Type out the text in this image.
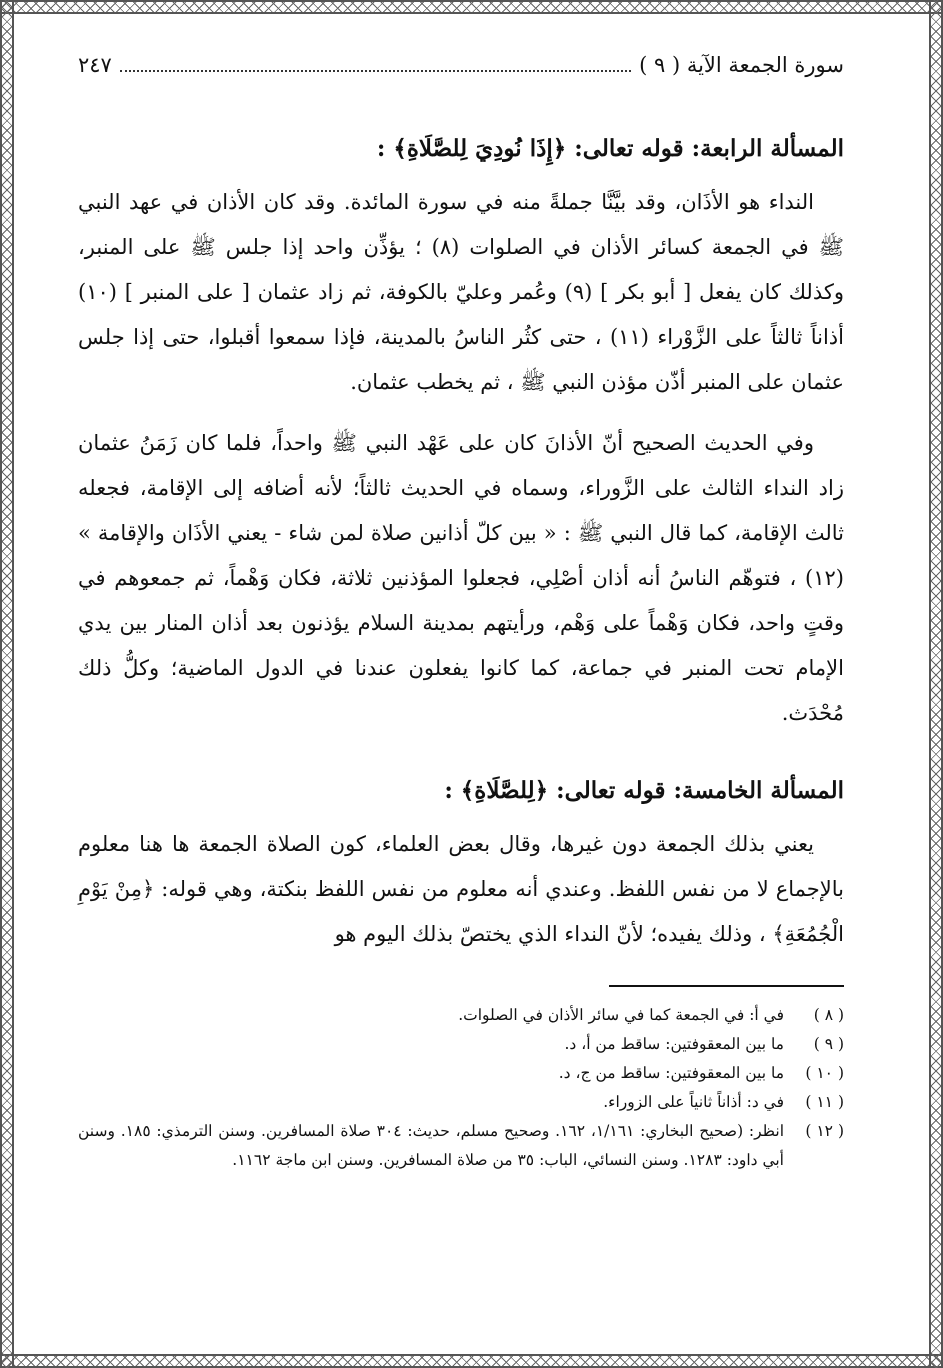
سورة الجمعة الآية ( ٩ )
٢٤٧
المسألة الرابعة: قوله تعالى: ﴿إِذَا نُودِيَ لِلصَّلَاةِ﴾ :

النداء هو الأذَان، وقد بيَّنَّا جملةً منه في سورة المائدة. وقد كان الأذان في عهد النبي ﷺ في الجمعة كسائر الأذان في الصلوات (٨) ؛ يؤذِّن واحد إذا جلس ﷺ على المنبر، وكذلك كان يفعل [ أبو بكر ] (٩) وعُمر وعليّ بالكوفة، ثم زاد عثمان [ على المنبر ] (١٠) أذاناً ثالثاً على الزَّوْراء (١١) ، حتى كثُر الناسُ بالمدينة، فإذا سمعوا أقبلوا، حتى إذا جلس عثمان على المنبر أذّن مؤذن النبي ﷺ ، ثم يخطب عثمان.

وفي الحديث الصحيح أنّ الأذانَ كان على عَهْد النبي ﷺ واحداً، فلما كان زَمَنُ عثمان زاد النداء الثالث على الزَّوراء، وسماه في الحديث ثالثاً؛ لأنه أضافه إلى الإقامة، فجعله ثالث الإقامة، كما قال النبي ﷺ : « بين كلّ أذانين صلاة لمن شاء - يعني الأذَان والإقامة » (١٢) ، فتوهّم الناسُ أنه أذان أصْلِي، فجعلوا المؤذنين ثلاثة، فكان وَهْماً، ثم جمعوهم في وقتٍ واحد، فكان وَهْماً على وَهْم، ورأيتهم بمدينة السلام يؤذنون بعد أذان المنار بين يدي الإمام تحت المنبر في جماعة، كما كانوا يفعلون عندنا في الدول الماضية؛ وكلُّ ذلك مُحْدَث.

المسألة الخامسة: قوله تعالى: ﴿لِلصَّلَاةِ﴾ :

يعني بذلك الجمعة دون غيرها، وقال بعض العلماء، كون الصلاة الجمعة ها هنا معلوم بالإجماع لا من نفس اللفظ. وعندي أنه معلوم من نفس اللفظ بنكتة، وهي قوله: ﴿مِنْ يَوْمِ الْجُمُعَةِ﴾ ، وذلك يفيده؛ لأنّ النداء الذي يختصّ بذلك اليوم هو

( ٨ )
في أ: في الجمعة كما في سائر الأذان في الصلوات.
( ٩ )
ما بين المعقوفتين: ساقط من أ، د.
( ١٠ )
ما بين المعقوفتين: ساقط من ج، د.
( ١١ )
في د: أذاناً ثانياً على الزوراء.
( ١٢ )
انظر: (صحيح البخاري: ١/١٦١، ١٦٢. وصحيح مسلم، حديث: ٣٠٤ صلاة المسافرين. وسنن الترمذي: ١٨٥. وسنن أبي داود: ١٢٨٣. وسنن النسائي، الباب: ٣٥ من صلاة المسافرين. وسنن ابن ماجة ١١٦٢.
